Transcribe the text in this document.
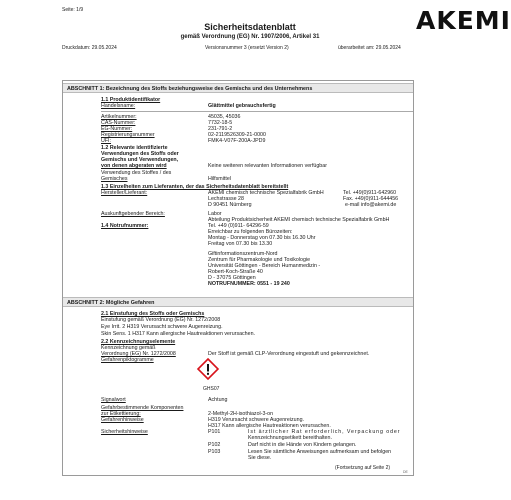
Seite: 1/9	AKEMI
Sicherheitsdatenblatt
gemäß Verordnung (EG) Nr. 1907/2006, Artikel 31
Druckdatum: 29.05.2024	Versionsnummer 3 (ersetzt Version 2)	überarbeitet am: 29.05.2024
ABSCHNITT 1: Bezeichnung des Stoffs beziehungsweise des Gemischs und des Unternehmens
1.1 Produktidentifikator
Handelsname:	Glättmittel gebrauchsfertig
Artikelnummer:	45035, 45036
CAS-Nummer:	7732-18-5
EG-Nummer:	231-791-2
Registrierungsnummer	02-2119526309-21-0000
UFI:	FMK4-V07F-200A-JPD9
1.2 Relevante identifizierte
Verwendungen des Stoffs oder
Gemischs und Verwendungen,
von denen abgeraten wird	Keine weiteren relevanten Informationen verfügbar
Verwendung des Stoffes / des
Gemisches	Hilfsmittel
1.3 Einzelheiten zum Lieferanten, der das Sicherheitsdatenblatt bereitstellt
Hersteller/Lieferant:	AKEMI chemisch technische Spezialfabrik GmbH
Lechstrasse 28
D 90451 Nürnberg
Tel. +49(0)911-642960
Fax. +49(0)911-644456
e-mail info@akemi.de
Auskunftgebender Bereich:	Labor
Abteilung Produktsicherheit AKEMI chemisch technische Spezialfabrik GmbH
1.4 Notrufnummer:	Tel. +49 (0)911- 64296-59
Erreichbar zu folgenden Bürozeiten:
Montag - Donnerstag von 07.30 bis 16.30 Uhr
Freitag von 07.30 bis 13.30
Giftinformationszentrum-Nord
Zentrum für Pharmakologie und Toxikologie
Universität Göttingen - Bereich Humanmedizin -
Robert-Koch-Straße 40
D - 37075 Göttingen
NOTRUFNUMMER: 0551 - 19 240
ABSCHNITT 2: Mögliche Gefahren
2.1 Einstufung des Stoffs oder Gemischs
Einstufung gemäß Verordnung (EG) Nr. 1272/2008
Eye Irrit. 2 H319 Verursacht schwere Augenreizung.
Skin Sens. 1 H317 Kann allergische Hautreaktionen verursachen.
2.2 Kennzeichnungselemente
Kennzeichnung gemäß
Verordnung (EG) Nr. 1272/2008	Der Stoff ist gemäß CLP-Verordnung eingestuft und gekennzeichnet.
Gefahrenpiktogramme
GHS07
Signalwort	Achtung
Gefahrbestimmende Komponenten
zur Etikettierung:	2-Methyl-2H-isothiazol-3-on
Gefahrenhinweise	H319 Verursacht schwere Augenreizung.
H317 Kann allergische Hautreaktionen verursachen.
Sicherheitshinweise	P101	Ist ärztlicher Rat erforderlich, Verpackung oder
Kennzeichnungsetikett bereithalten.
P102	Darf nicht in die Hände von Kindern gelangen.
P103	Lesen Sie sämtliche Anweisungen aufmerksam und befolgen
Sie diese.
(Fortsetzung auf Seite 2)
DE
